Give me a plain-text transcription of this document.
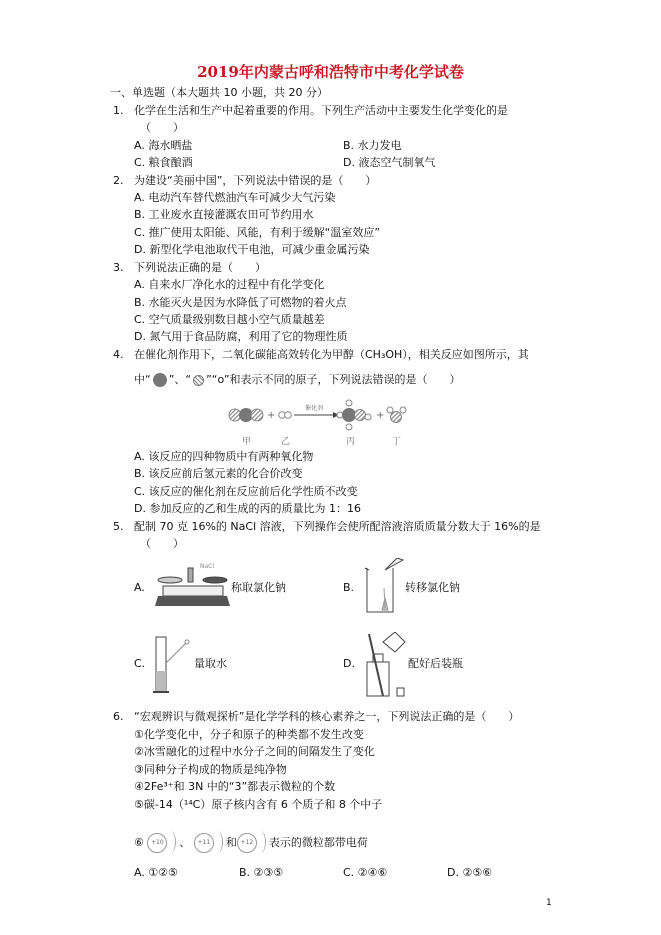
2019年内蒙古呼和浩特市中考化学试卷
一、单选题（本大题共 10 小题，共 20 分）
1. 化学在生活和生产中起着重要的作用。下列生产活动中主要发生化学变化的是
（　　）
A. 海水晒盐	B. 水力发电
C. 粮食酿酒	D. 液态空气制氧气
2. 为建设“美丽中国”，下列说法中错误的是（　　）
A. 电动汽车替代燃油汽车可减少大气污染
B. 工业废水直接灌溉农田可节约用水
C. 推广使用太阳能、风能，有利于缓解“温室效应”
D. 新型化学电池取代干电池，可减少重金属污染
3. 下列说法正确的是（　　）
A. 自来水厂净化水的过程中有化学变化
B. 水能灭火是因为水降低了可燃物的着火点
C. 空气质量级别数目越小空气质量越差
D. 氮气用于食品防腐，利用了它的物理性质
4. 在催化剂作用下，二氧化碳能高效转化为甲醇（CH₃OH），相关反应如图所示，其
中“ ”、“ ”“o”和表示不同的原子，下列说法错误的是（　　）
+
催化剂
+
甲	乙	丙	丁
A. 该反应的四种物质中有两种氧化物
B. 该反应前后氢元素的化合价改变
C. 该反应的催化剂在反应前后化学性质不改变
D. 参加反应的乙和生成的丙的质量比为 1：16
5. 配制 70 克 16%的 NaCl 溶液，下列操作会使所配溶液溶质质量分数大于 16%的是
（　　）
A.
NaCl
称取氯化钠	B.	转移氯化钠
C.	量取水	D.	配好后装瓶
6. “宏观辨识与微观探析”是化学学科的核心素养之一，下列说法正确的是（　　）
①化学变化中，分子和原子的种类都不发生改变
②冰雪融化的过程中水分子之间的间隔发生了变化
③同种分子构成的物质是纯净物
④2Fe³⁺和 3N 中的“3”都表示微粒的个数
⑤碳-14（¹⁴C）原子核内含有 6 个质子和 8 个中子
⑥	+10	、	+11	和 +12	表示的微粒都带电荷
A. ①②⑤	B. ②③⑤	C. ②④⑥	D. ②⑤⑥
1
